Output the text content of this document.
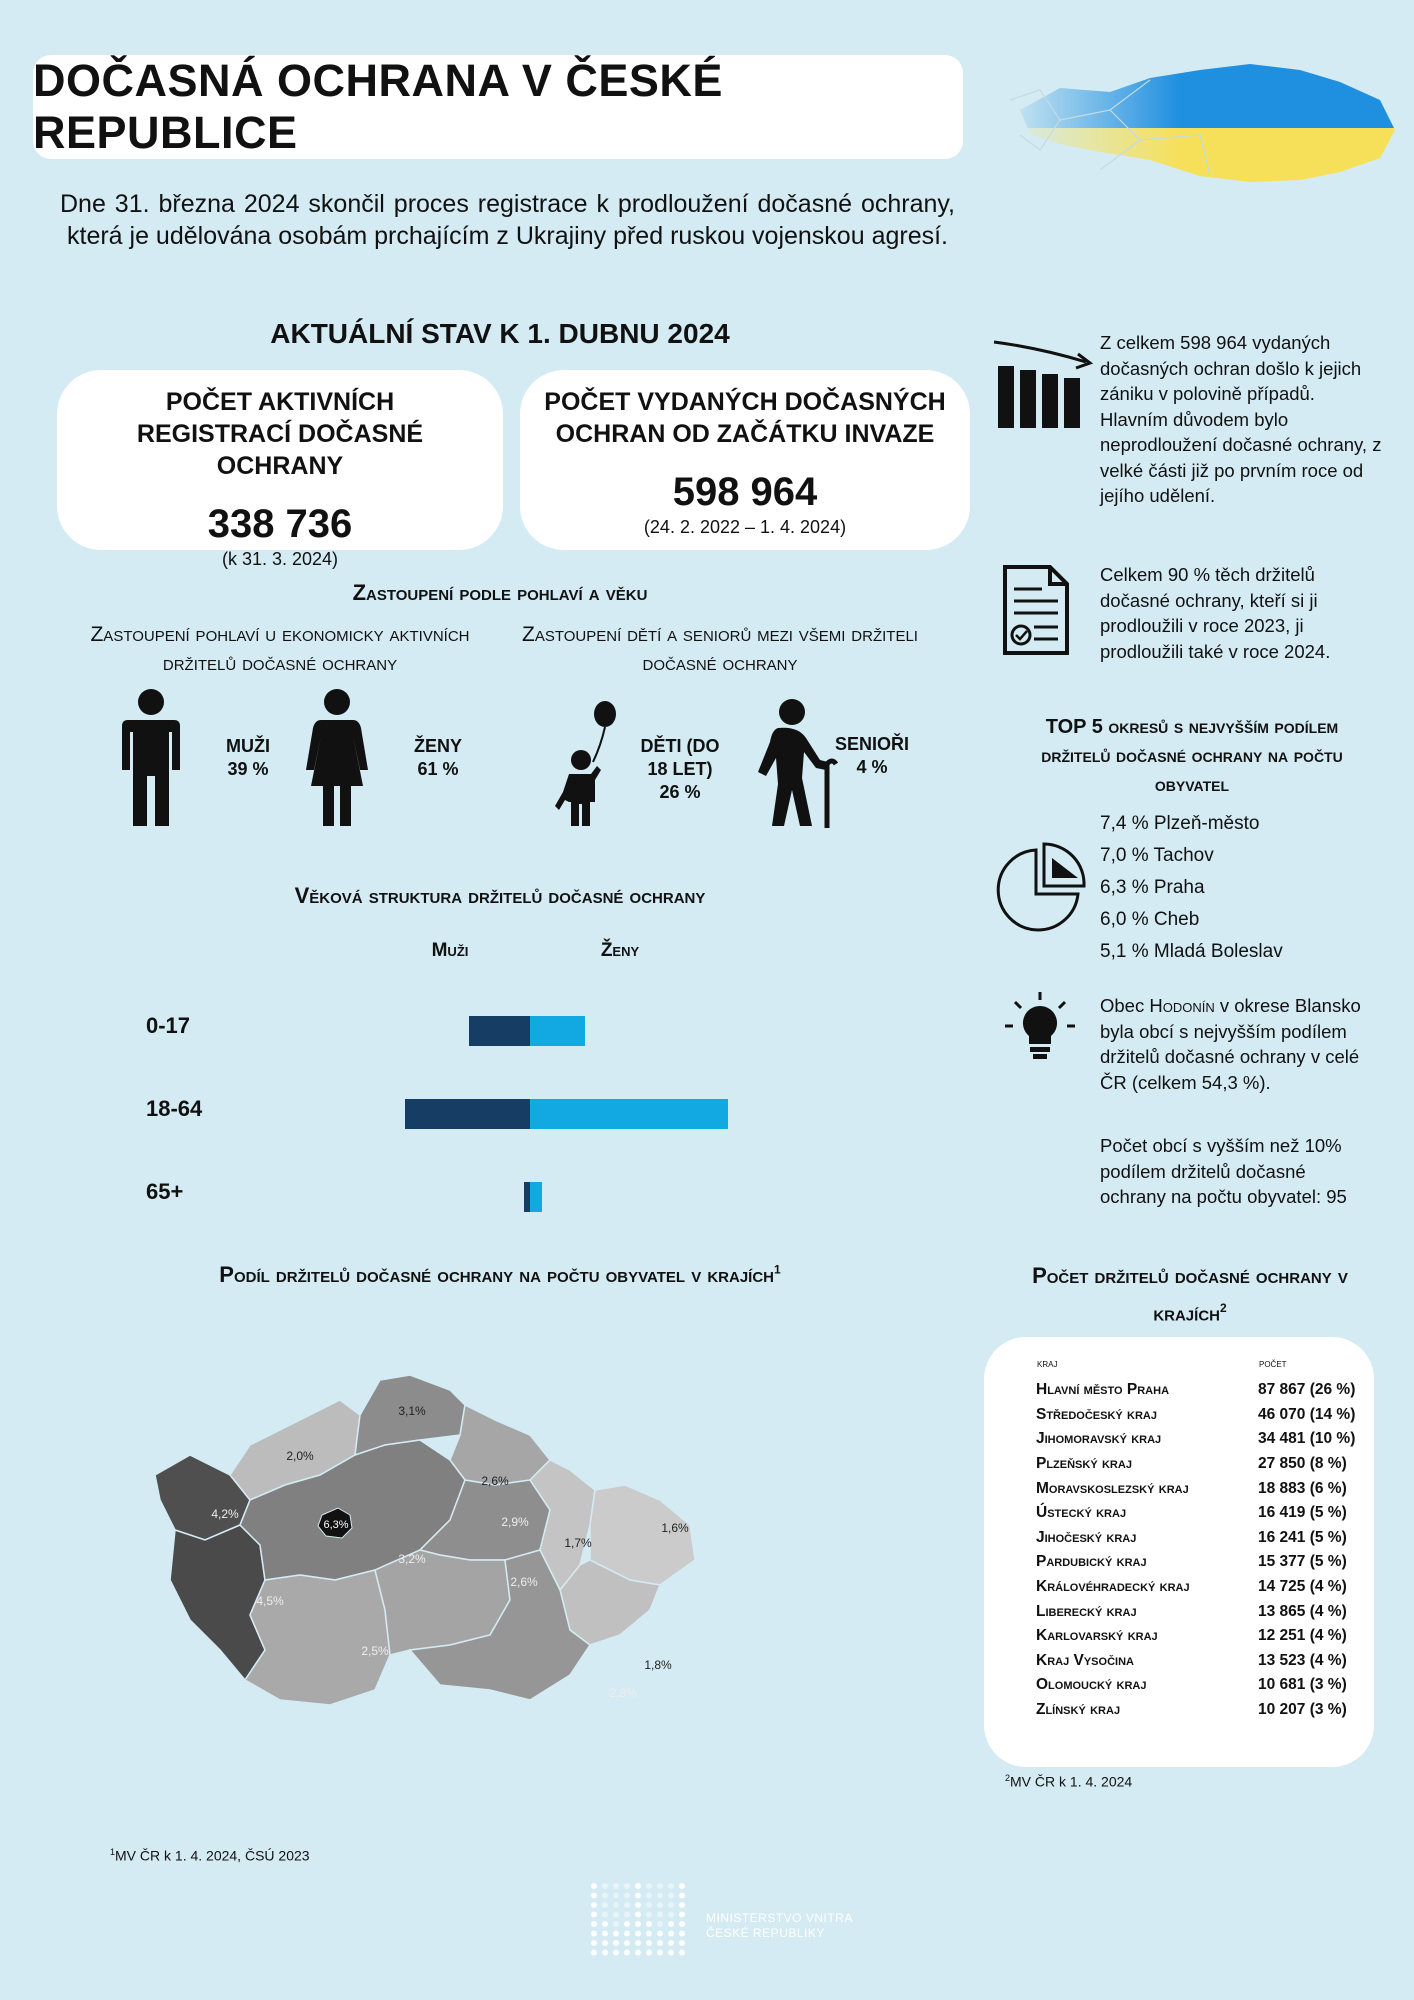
DOČASNÁ OCHRANA V ČESKÉ REPUBLICE
Dne 31. března 2024 skončil proces registrace k prodloužení dočasné ochrany, která je udělována osobám prchajícím z Ukrajiny před ruskou vojenskou agresí.
AKTUÁLNÍ STAV K 1. DUBNU 2024
POČET AKTIVNÍCH REGISTRACÍ DOČASNÉ OCHRANY
338 736
(k 31. 3. 2024)
POČET VYDANÝCH DOČASNÝCH OCHRAN OD ZAČÁTKU INVAZE
598 964
(24. 2. 2022 – 1. 4. 2024)
Zastoupení podle pohlaví a věku
Zastoupení pohlaví u ekonomicky aktivních držitelů dočasné ochrany
Zastoupení dětí a seniorů mezi všemi držiteli dočasné ochrany
MUŽI
39 %
ŽENY
61 %
DĚTI (DO
18 LET)
26 %
SENIOŘI
4 %
Věková struktura držitelů dočasné ochrany
Muži	Ženy
0-17
18-64
65+
Podíl držitelů dočasné ochrany na počtu obyvatel v krajích$^1$
2,0%
3,1%
2,6%
4,2%
6,3%
3,2%
2,9%
1,7%
1,6%
4,5%
2,6%
1,8%
2,5%
2,8%
$^1$MV ČR k 1. 4. 2024, ČSÚ 2023
Z celkem 598 964 vydaných dočasných ochran došlo k jejich zániku v polovině případů. Hlavním důvodem bylo neprodloužení dočasné ochrany, z velké části již po prvním roce od jejího udělení.
Celkem 90 % těch držitelů dočasné ochrany, kteří si ji prodloužili v roce 2023, ji prodloužili také v roce 2024.
TOP 5 okresů s nejvyšším podílem držitelů dočasné ochrany na počtu obyvatel
7,4 % Plzeň-město
7,0 % Tachov
6,3 % Praha
6,0 % Cheb
5,1 % Mladá Boleslav
Obec Hodonín v okrese Blansko byla obcí s nejvyšším podílem držitelů dočasné ochrany v celé ČR (celkem 54,3 %).
Počet obcí s vyšším než 10% podílem držitelů dočasné ochrany na počtu obyvatel: 95
Počet držitelů dočasné ochrany v krajích$^2$
kraj	počet
Hlavní město Praha	87 867 (26 %)
Středočeský kraj	46 070 (14 %)
Jihomoravský kraj	34 481 (10 %)
Plzeňský kraj	27 850 (8 %)
Moravskoslezský kraj	18 883 (6 %)
Ústecký kraj	16 419 (5 %)
Jihočeský kraj	16 241 (5 %)
Pardubický kraj	15 377 (5 %)
Královéhradecký kraj	14 725 (4 %)
Liberecký kraj	13 865 (4 %)
Karlovarský kraj	12 251 (4 %)
Kraj Vysočina	13 523 (4 %)
Olomoucký kraj	10 681 (3 %)
Zlínský kraj	10 207 (3 %)
$^2$MV ČR k 1. 4. 2024
MINISTERSTVO VNITRA
ČESKÉ REPUBLIKY
